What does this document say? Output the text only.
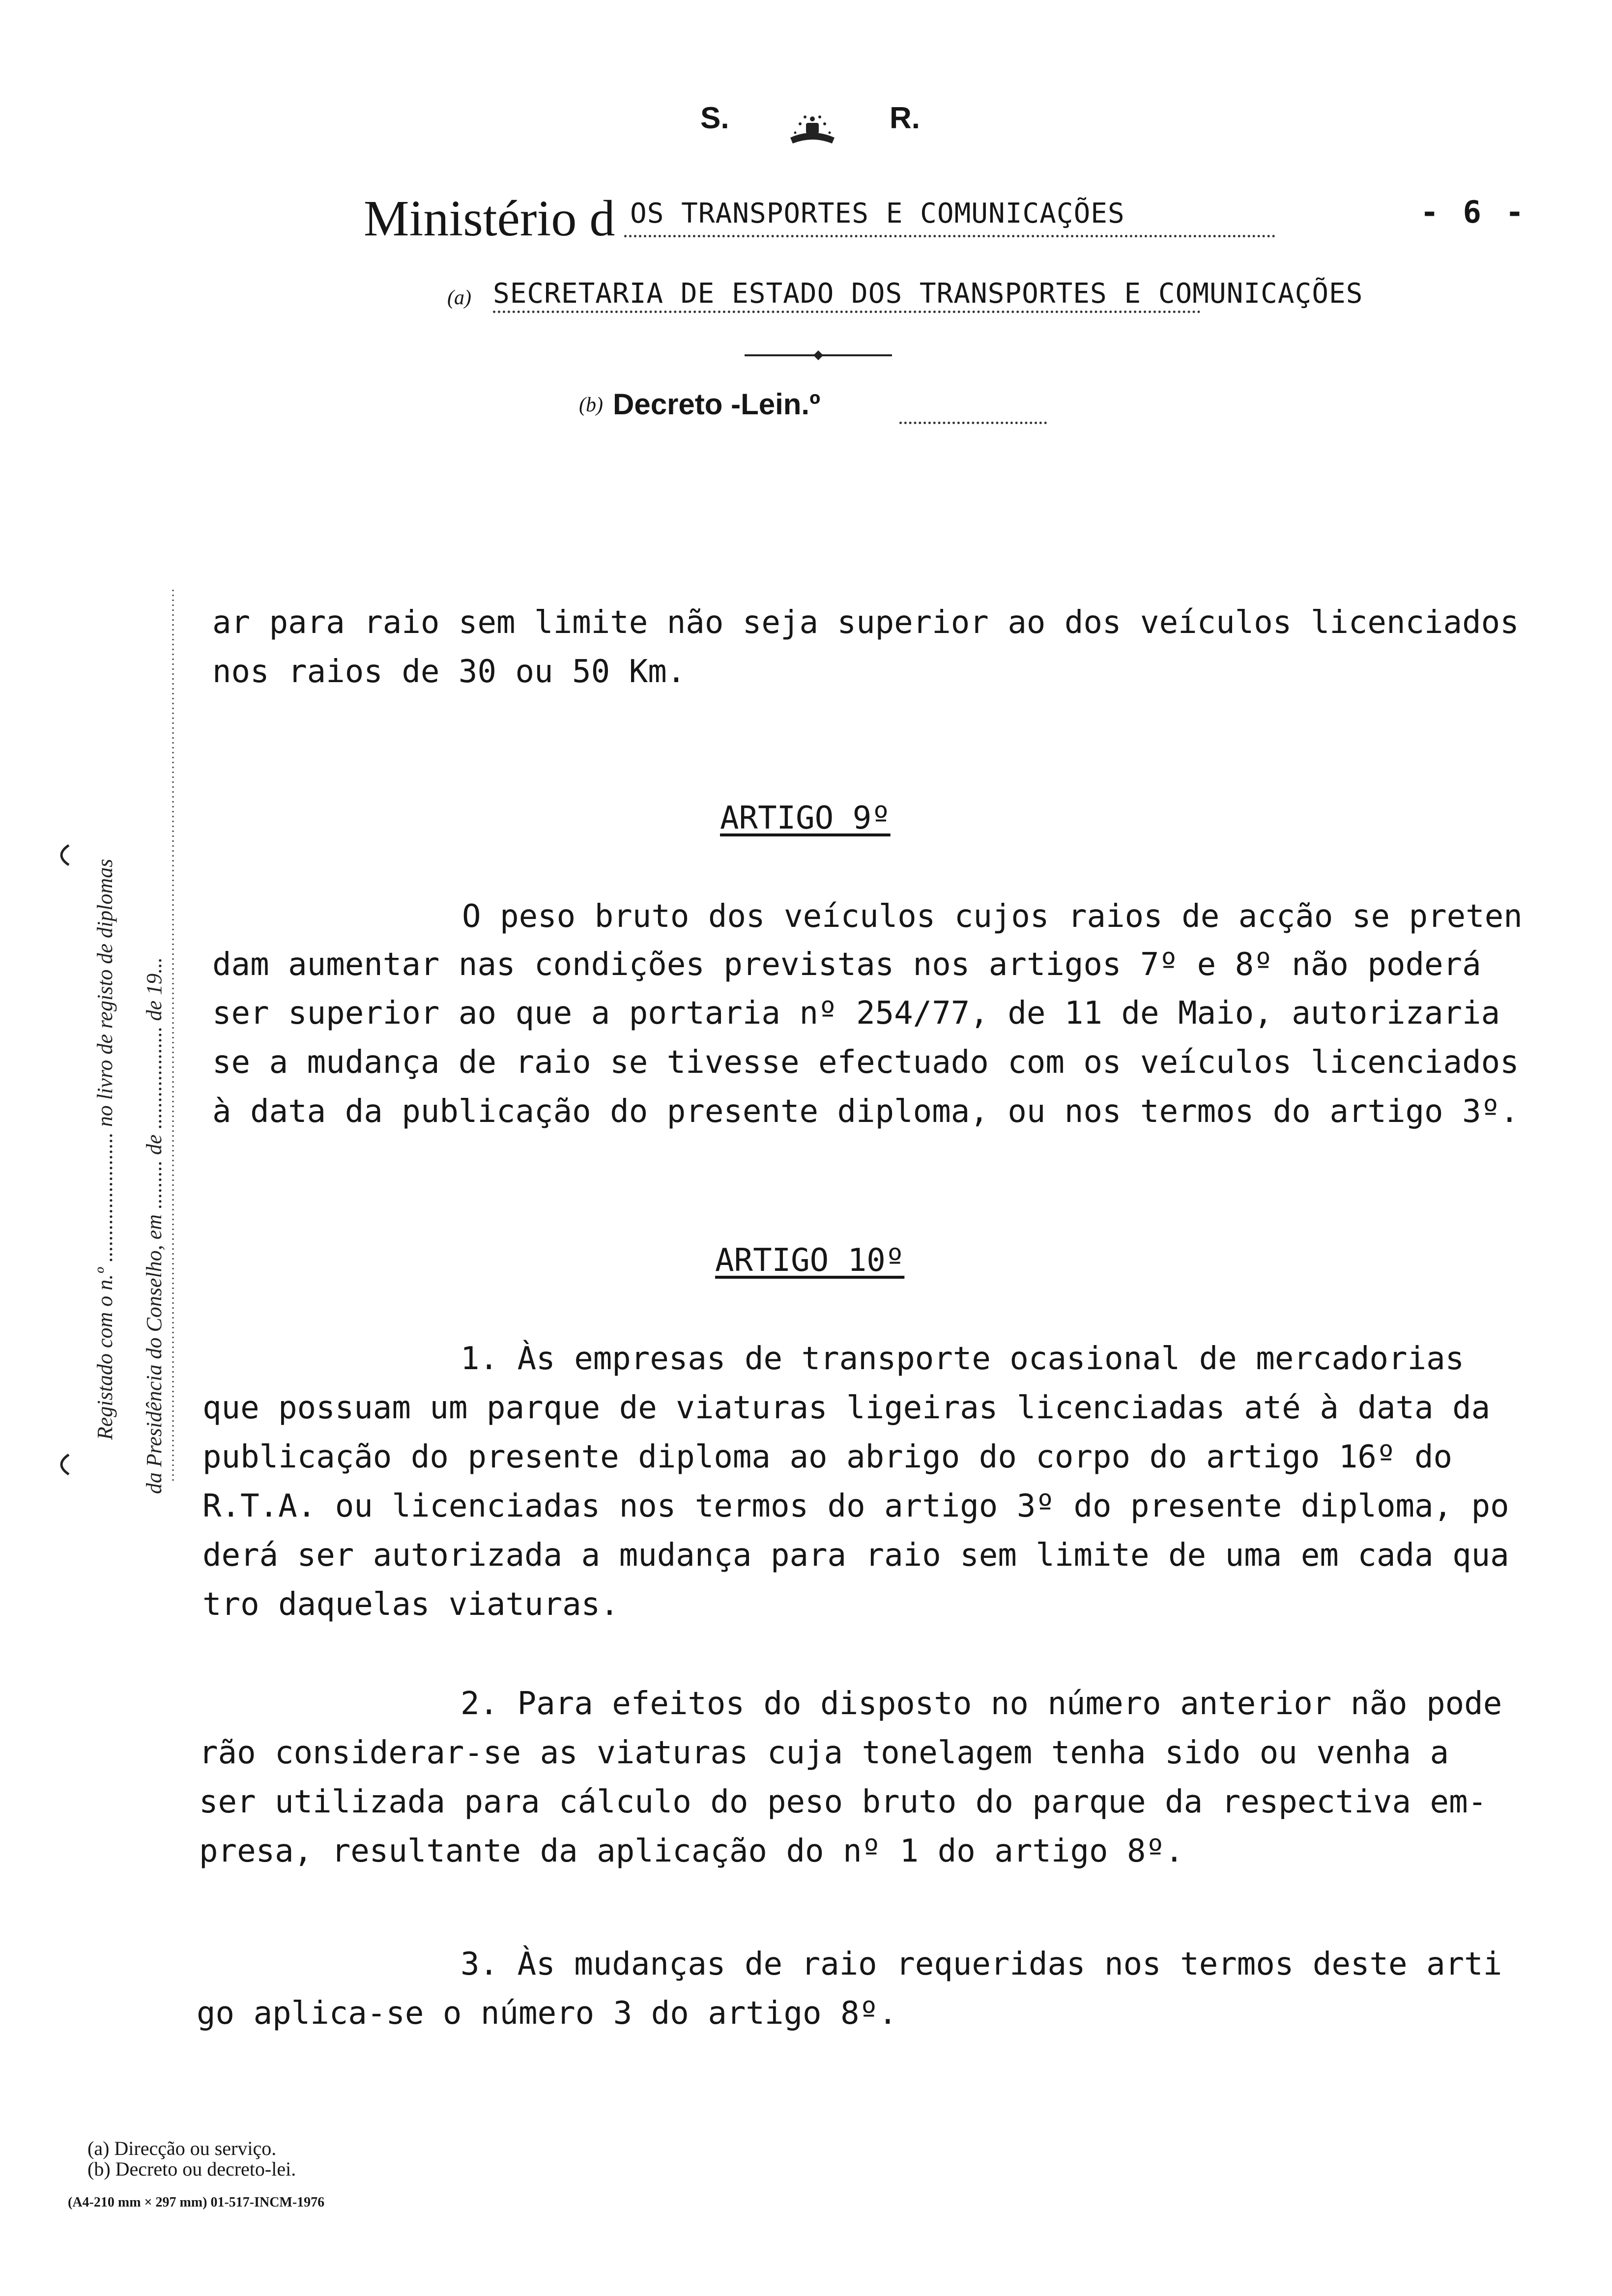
S.	R.
Ministério d OS TRANSPORTES E COMUNICAÇÕES	- 6 -
(a) SECRETARIA DE ESTADO DOS TRANSPORTES E COMUNICAÇÕES
(b) Decreto -Lein.º
Registado com o n.º ........................ no livro de registo de diplomas da Presidência do Conselho, em ......... de ................... de 19...
ar para raio sem limite não seja superior ao dos veículos licenciados
nos raios de 30 ou 50 Km.
ARTIGO 9º
O peso bruto dos veículos cujos raios de acção se preten
dam aumentar nas condições previstas nos artigos 7º e 8º não poderá
ser superior ao que a portaria nº 254/77, de 11 de Maio, autorizaria
se a mudança de raio se tivesse efectuado com os veículos licenciados
à data da publicação do presente diploma, ou nos termos do artigo 3º.
ARTIGO 10º
1. Às empresas de transporte ocasional de mercadorias
que possuam um parque de viaturas ligeiras licenciadas até à data da
publicação do presente diploma ao abrigo do corpo do artigo 16º do
R.T.A. ou licenciadas nos termos do artigo 3º do presente diploma, po
derá ser autorizada a mudança para raio sem limite de uma em cada qua
tro daquelas viaturas.
2. Para efeitos do disposto no número anterior não pode
rão considerar-se as viaturas cuja tonelagem tenha sido ou venha a
ser utilizada para cálculo do peso bruto do parque da respectiva em-
presa, resultante da aplicação do nº 1 do artigo 8º.
3. Às mudanças de raio requeridas nos termos deste arti
go aplica-se o número 3 do artigo 8º.
(a) Direcção ou serviço.
(b) Decreto ou decreto-lei.
(A4-210 mm × 297 mm) 01-517-INCM-1976
